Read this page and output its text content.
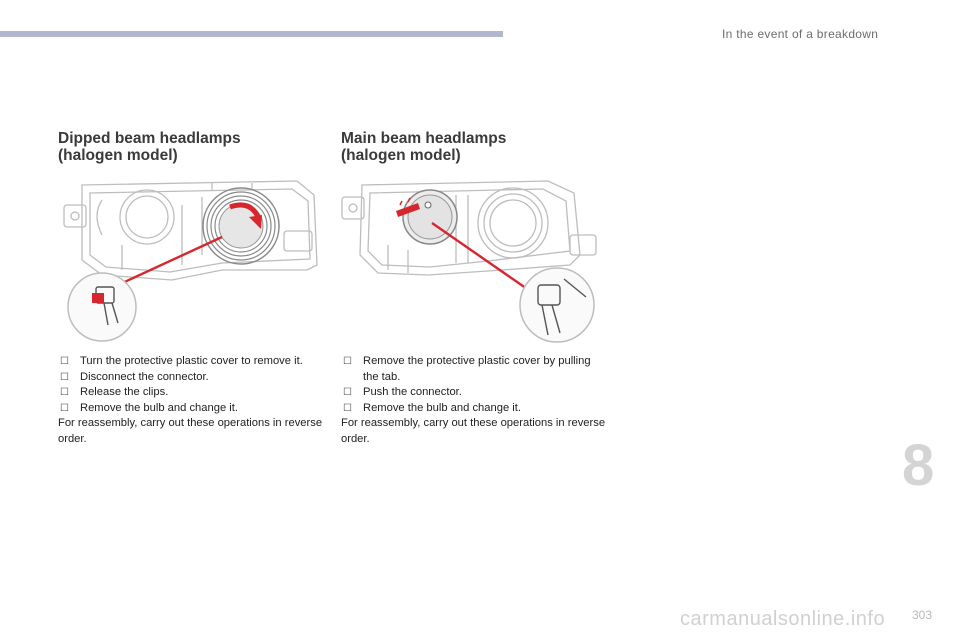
In the event of a breakdown
Dipped beam headlamps
(halogen model)
☐ Turn the protective plastic cover to remove it.
☐ Disconnect the connector.
☐ Release the clips.
☐ Remove the bulb and change it.
For reassembly, carry out these operations in reverse order.
Main beam headlamps
(halogen model)
☐ Remove the protective plastic cover by pulling the tab.
☐ Push the connector.
☐ Remove the bulb and change it.
For reassembly, carry out these operations in reverse order.	8
carmanualsonline.info 303
